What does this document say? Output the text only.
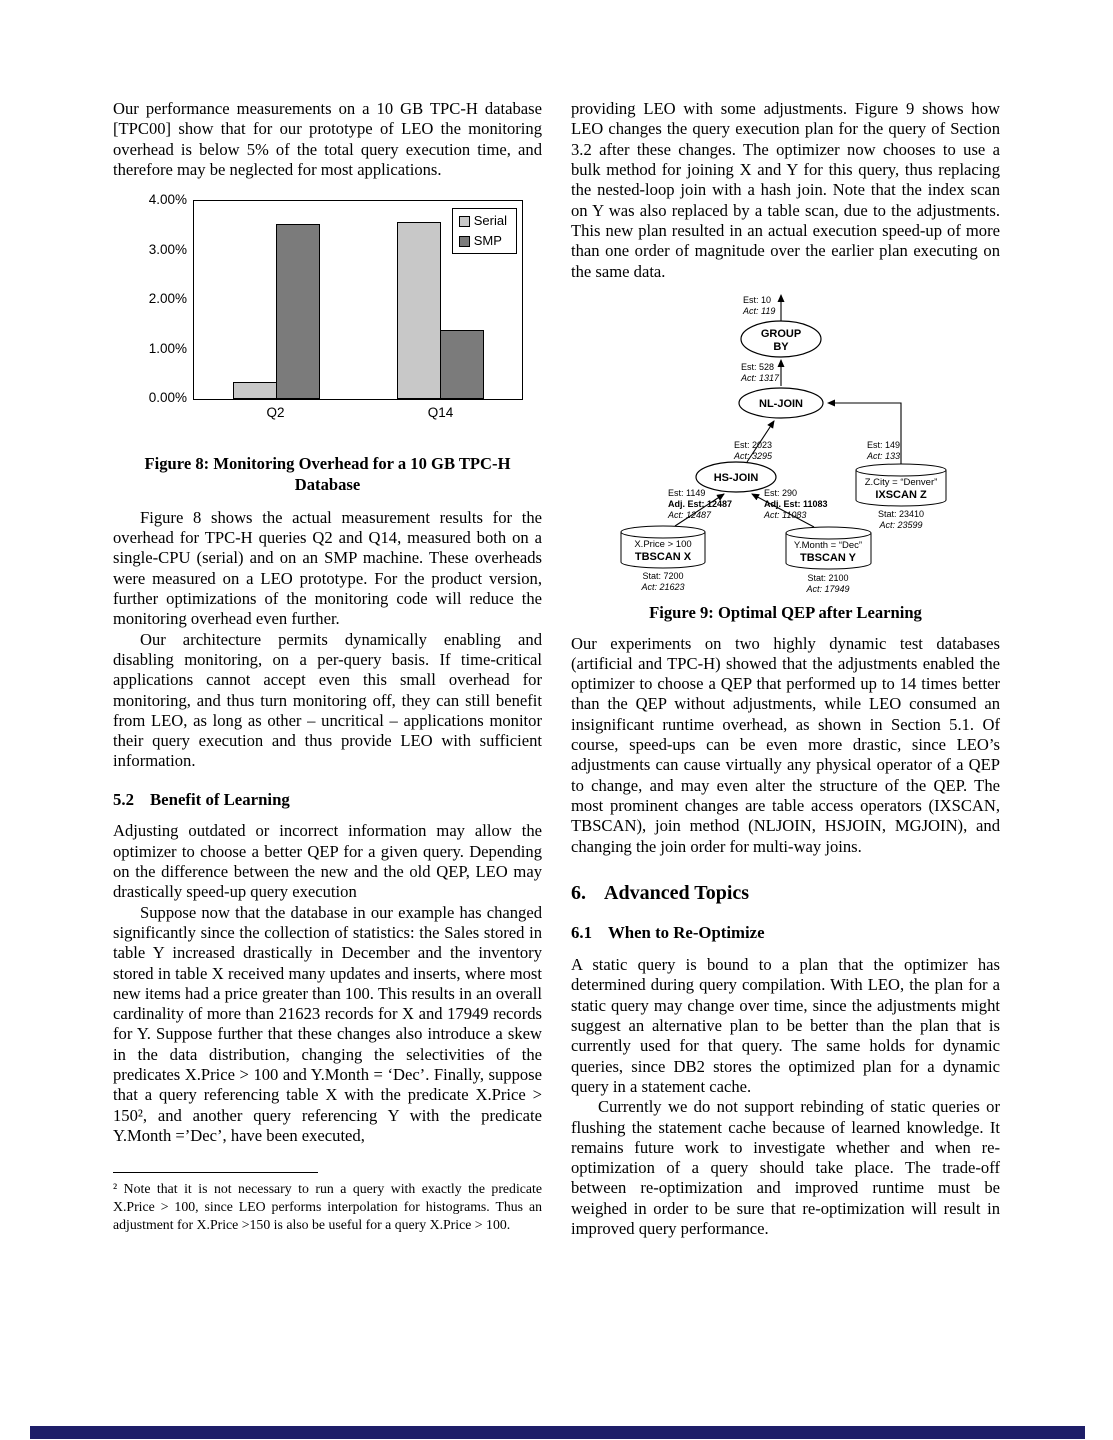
Our performance measurements on a 10 GB TPC-H database [TPC00] show that for our prototype of LEO the monitoring overhead is below 5% of the total query execution time, and therefore may be neglected for most applications.

4.00%
3.00%
2.00%
1.00%
0.00%
Serial
SMP
Q2	Q14
Figure 8: Monitoring Overhead for a 10 GB TPC-H Database

Figure 8 shows the actual measurement results for the overhead for TPC-H queries Q2 and Q14, measured both on a single-CPU (serial) and on an SMP machine. These overheads were measured on a LEO prototype. For the product version, further optimizations of the monitoring code will reduce the monitoring overhead even further.

Our architecture permits dynamically enabling and disabling monitoring, on a per-query basis. If time-critical applications cannot accept even this small overhead for monitoring, and thus turn monitoring off, they can still benefit from LEO, as long as other – uncritical – applications monitor their query execution and thus provide LEO with sufficient information.

5.2 Benefit of Learning

Adjusting outdated or incorrect information may allow the optimizer to choose a better QEP for a given query. Depending on the difference between the new and the old QEP, LEO may drastically speed-up query execution

Suppose now that the database in our example has changed significantly since the collection of statistics: the Sales stored in table Y increased drastically in December and the inventory stored in table X received many updates and inserts, where most new items had a price greater than 100. This results in an overall cardinality of more than 21623 records for X and 17949 records for Y. Suppose further that these changes also introduce a skew in the data distribution, changing the selectivities of the predicates X.Price > 100 and Y.Month = ‘Dec’. Finally, suppose that a query referencing table X with the predicate X.Price > 150², and another query referencing Y with the predicate Y.Month =’Dec’, have been executed,

² Note that it is not necessary to run a query with exactly the predicate X.Price > 100, since LEO performs interpolation for histograms. Thus an adjustment for X.Price >150 is also be useful for a query X.Price > 100.

providing LEO with some adjustments. Figure 9 shows how LEO changes the query execution plan for the query of Section 3.2 after these changes. The optimizer now chooses to use a bulk method for joining X and Y for this query, thus replacing the nested-loop join with a hash join. Note that the index scan on Y was also replaced by a table scan, due to the adjustments. This new plan resulted in an actual execution speed-up of more than one order of magnitude over the earlier plan executing on the same data.

Est: 10
Act: 119
Est: 528
Act: 1317
Est: 2023
Act: 3295
Est: 149
Act: 133
Est: 1149
Adj. Est: 12487
Act: 12487
Est: 290
Adj. Est: 11083
Act: 11083
GROUP
BY
NL-JOIN
HS-JOIN	Z.City = “Denver”
IXSCAN Z
Stat: 23410
Act: 23599
X.Price > 100
TBSCAN X
Stat: 7200
Act: 21623
Y.Month = “Dec”
TBSCAN Y
Stat: 2100
Act: 17949
Figure 9: Optimal QEP after Learning

Our experiments on two highly dynamic test databases (artificial and TPC-H) showed that the adjustments enabled the optimizer to choose a QEP that performed up to 14 times better than the QEP without adjustments, while LEO consumed an insignificant runtime overhead, as shown in Section 5.1. Of course, speed-ups can be even more drastic, since LEO’s adjustments can cause virtually any physical operator of a QEP to change, and may even alter the structure of the QEP. The most prominent changes are table access operators (IXSCAN, TBSCAN), join method (NLJOIN, HSJOIN, MGJOIN), and changing the join order for multi-way joins.

6. Advanced Topics
6.1 When to Re-Optimize

A static query is bound to a plan that the optimizer has determined during query compilation. With LEO, the plan for a static query may change over time, since the adjustments might suggest an alternative plan to be better than the plan that is currently used for that query. The same holds for dynamic queries, since DB2 stores the optimized plan for a dynamic query in a statement cache.

Currently we do not support rebinding of static queries or flushing the statement cache because of learned knowledge. It remains future work to investigate whether and when re-optimization of a query should take place. The trade-off between re-optimization and improved runtime must be weighed in order to be sure that re-optimization will result in improved query performance.
